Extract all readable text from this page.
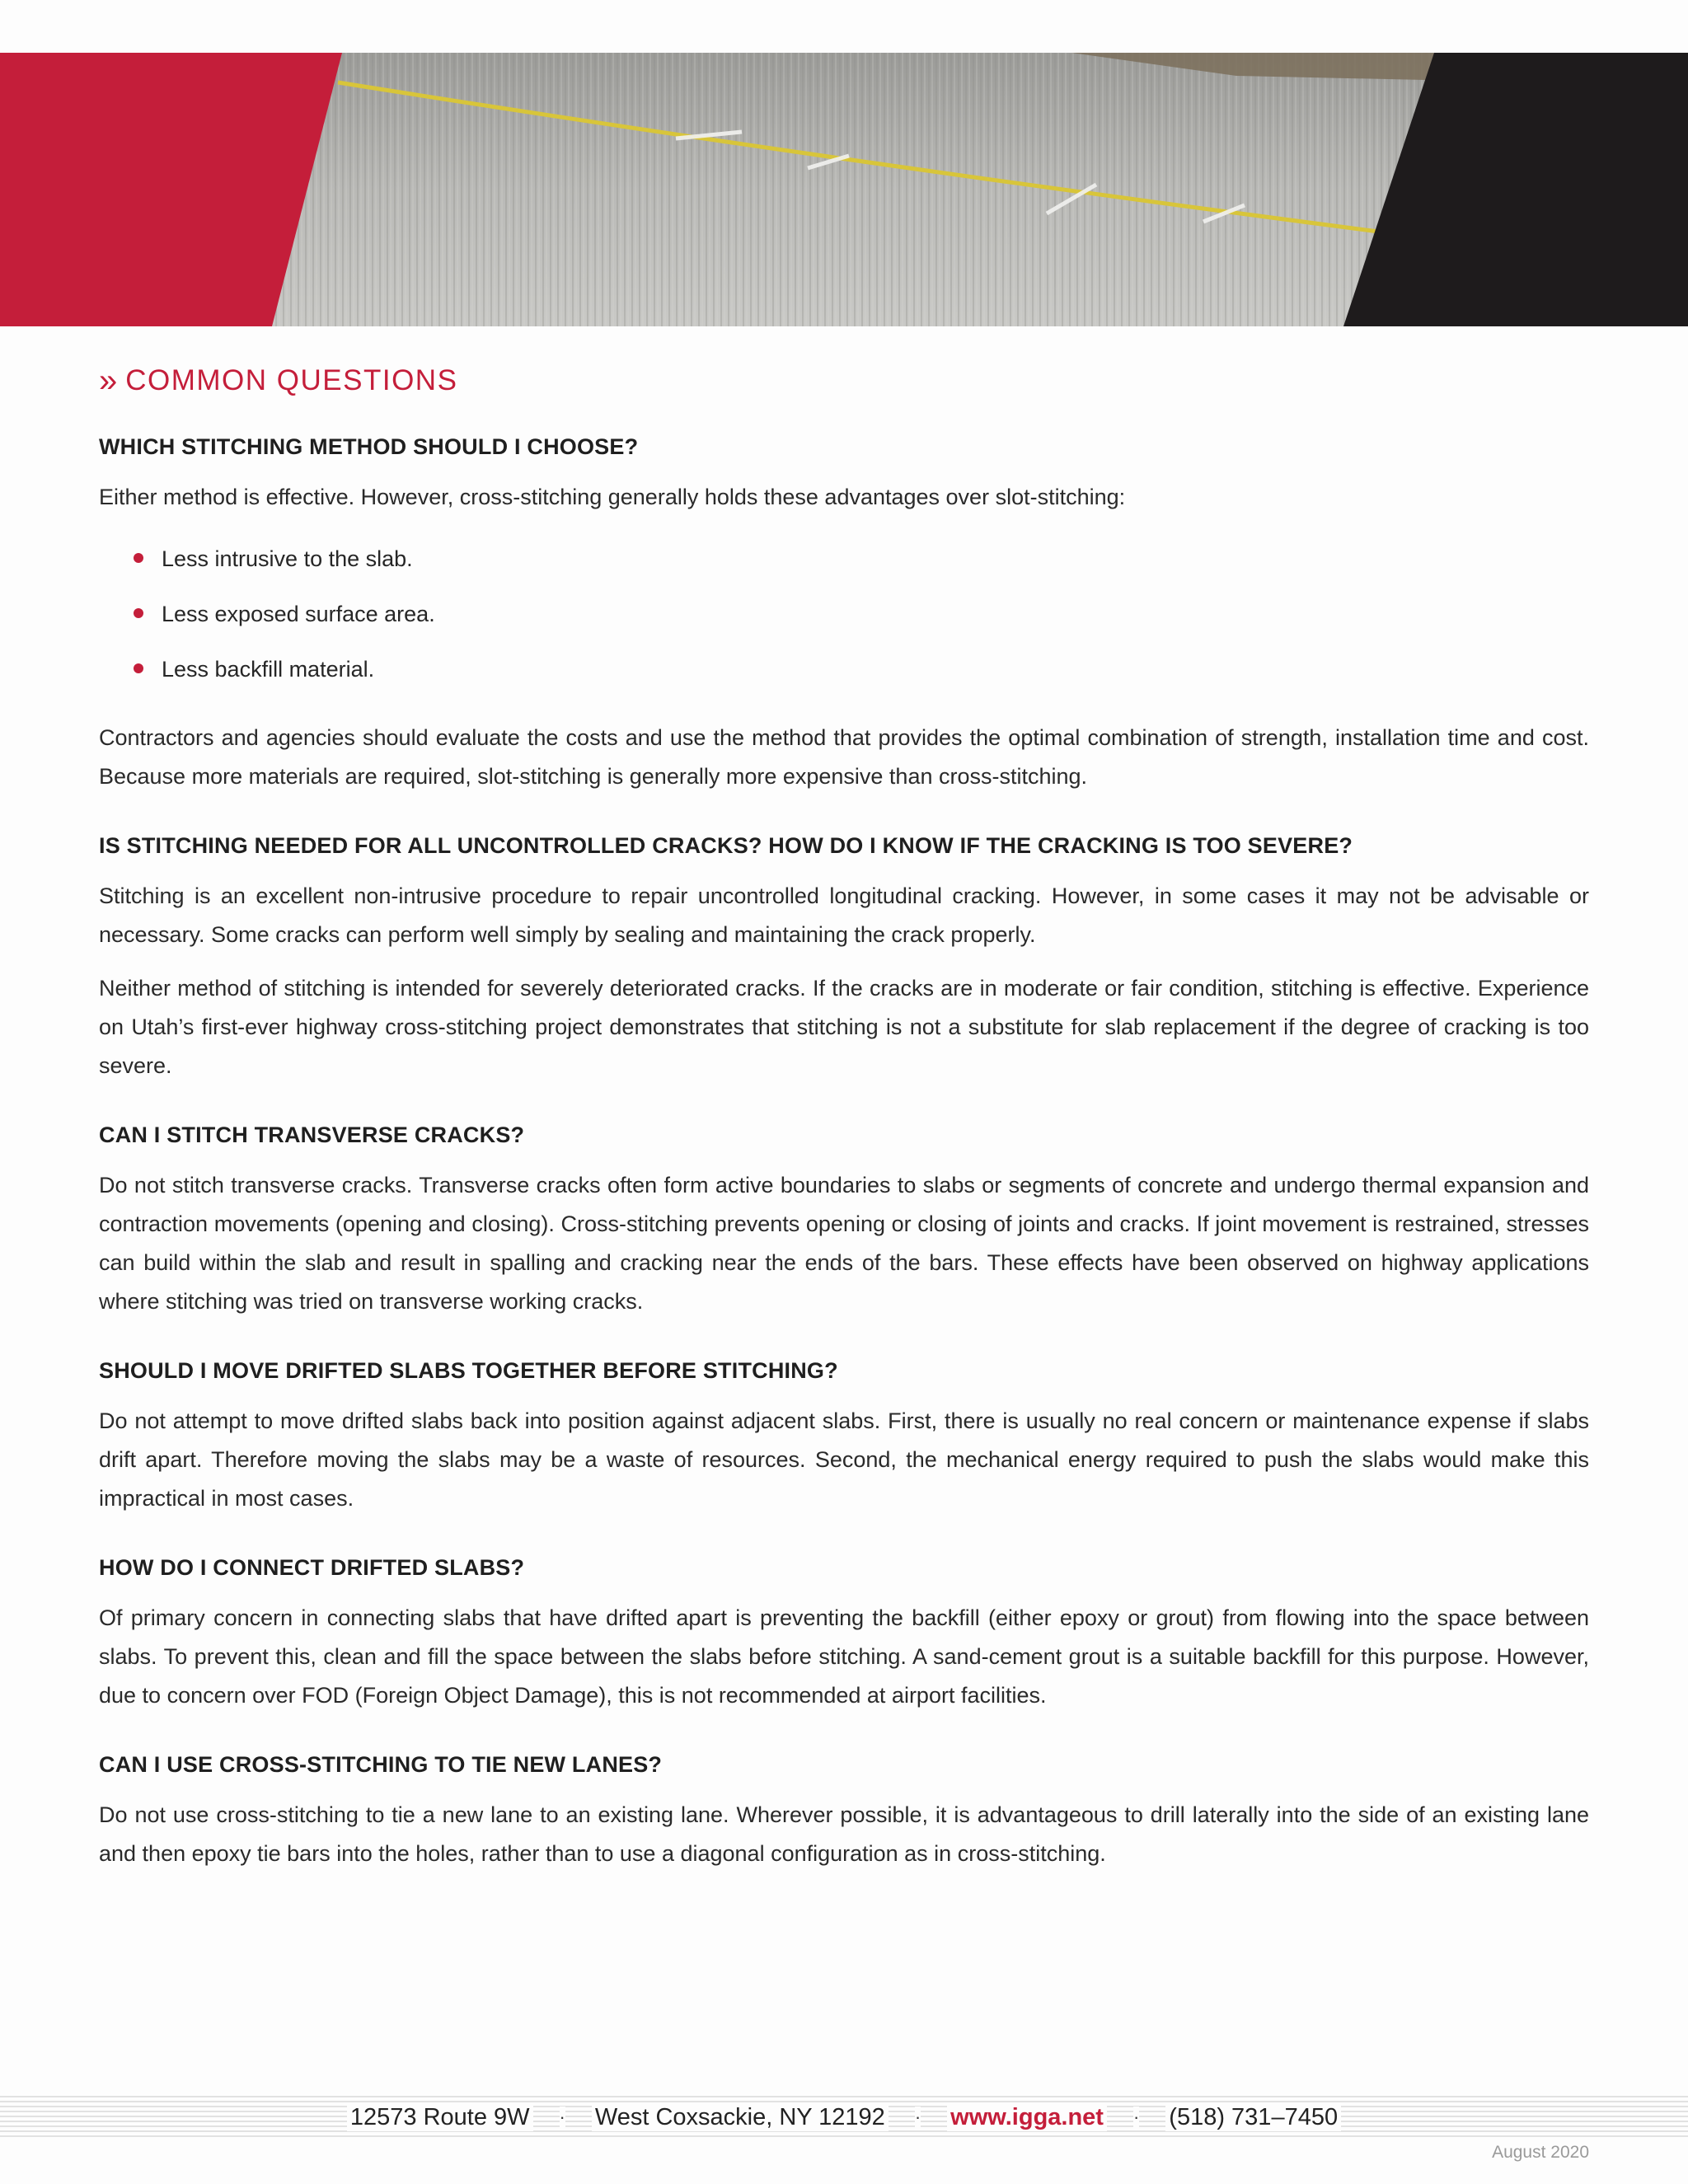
» COMMON QUESTIONS
WHICH STITCHING METHOD SHOULD I CHOOSE?

Either method is effective. However, cross-stitching generally holds these advantages over slot-stitching:

Less intrusive to the slab.
Less exposed surface area.
Less backfill material.

Contractors and agencies should evaluate the costs and use the method that provides the optimal combination of strength, installation time and cost. Because more materials are required, slot-stitching is generally more expensive than cross-stitching.

IS STITCHING NEEDED FOR ALL UNCONTROLLED CRACKS? HOW DO I KNOW IF THE CRACKING IS TOO SEVERE?

Stitching is an excellent non-intrusive procedure to repair uncontrolled longitudinal cracking. However, in some cases it may not be advisable or necessary. Some cracks can perform well simply by sealing and maintaining the crack properly.

Neither method of stitching is intended for severely deteriorated cracks. If the cracks are in moderate or fair condition, stitching is effective. Experience on Utah’s first-ever highway cross-stitching project demonstrates that stitching is not a substitute for slab replacement if the degree of cracking is too severe.

CAN I STITCH TRANSVERSE CRACKS?

Do not stitch transverse cracks. Transverse cracks often form active boundaries to slabs or segments of concrete and undergo thermal expansion and contraction movements (opening and closing). Cross-stitching prevents opening or closing of joints and cracks. If joint movement is restrained, stresses can build within the slab and result in spalling and cracking near the ends of the bars. These effects have been observed on highway applications where stitching was tried on transverse working cracks.

SHOULD I MOVE DRIFTED SLABS TOGETHER BEFORE STITCHING?

Do not attempt to move drifted slabs back into position against adjacent slabs. First, there is usually no real concern or maintenance expense if slabs drift apart. Therefore moving the slabs may be a waste of resources. Second, the mechanical energy required to push the slabs would make this impractical in most cases.

HOW DO I CONNECT DRIFTED SLABS?

Of primary concern in connecting slabs that have drifted apart is preventing the backfill (either epoxy or grout) from flowing into the space between slabs. To prevent this, clean and fill the space between the slabs before stitching. A sand-cement grout is a suitable backfill for this purpose. However, due to concern over FOD (Foreign Object Damage), this is not recommended at airport facilities.

CAN I USE CROSS-STITCHING TO TIE NEW LANES?

Do not use cross-stitching to tie a new lane to an existing lane. Wherever possible, it is advantageous to drill laterally into the side of an existing lane and then epoxy tie bars into the holes, rather than to use a diagonal configuration as in cross-stitching.

12573 Route 9W · West Coxsackie, NY 12192 · www.igga.net · (518) 731–7450
August 2020
